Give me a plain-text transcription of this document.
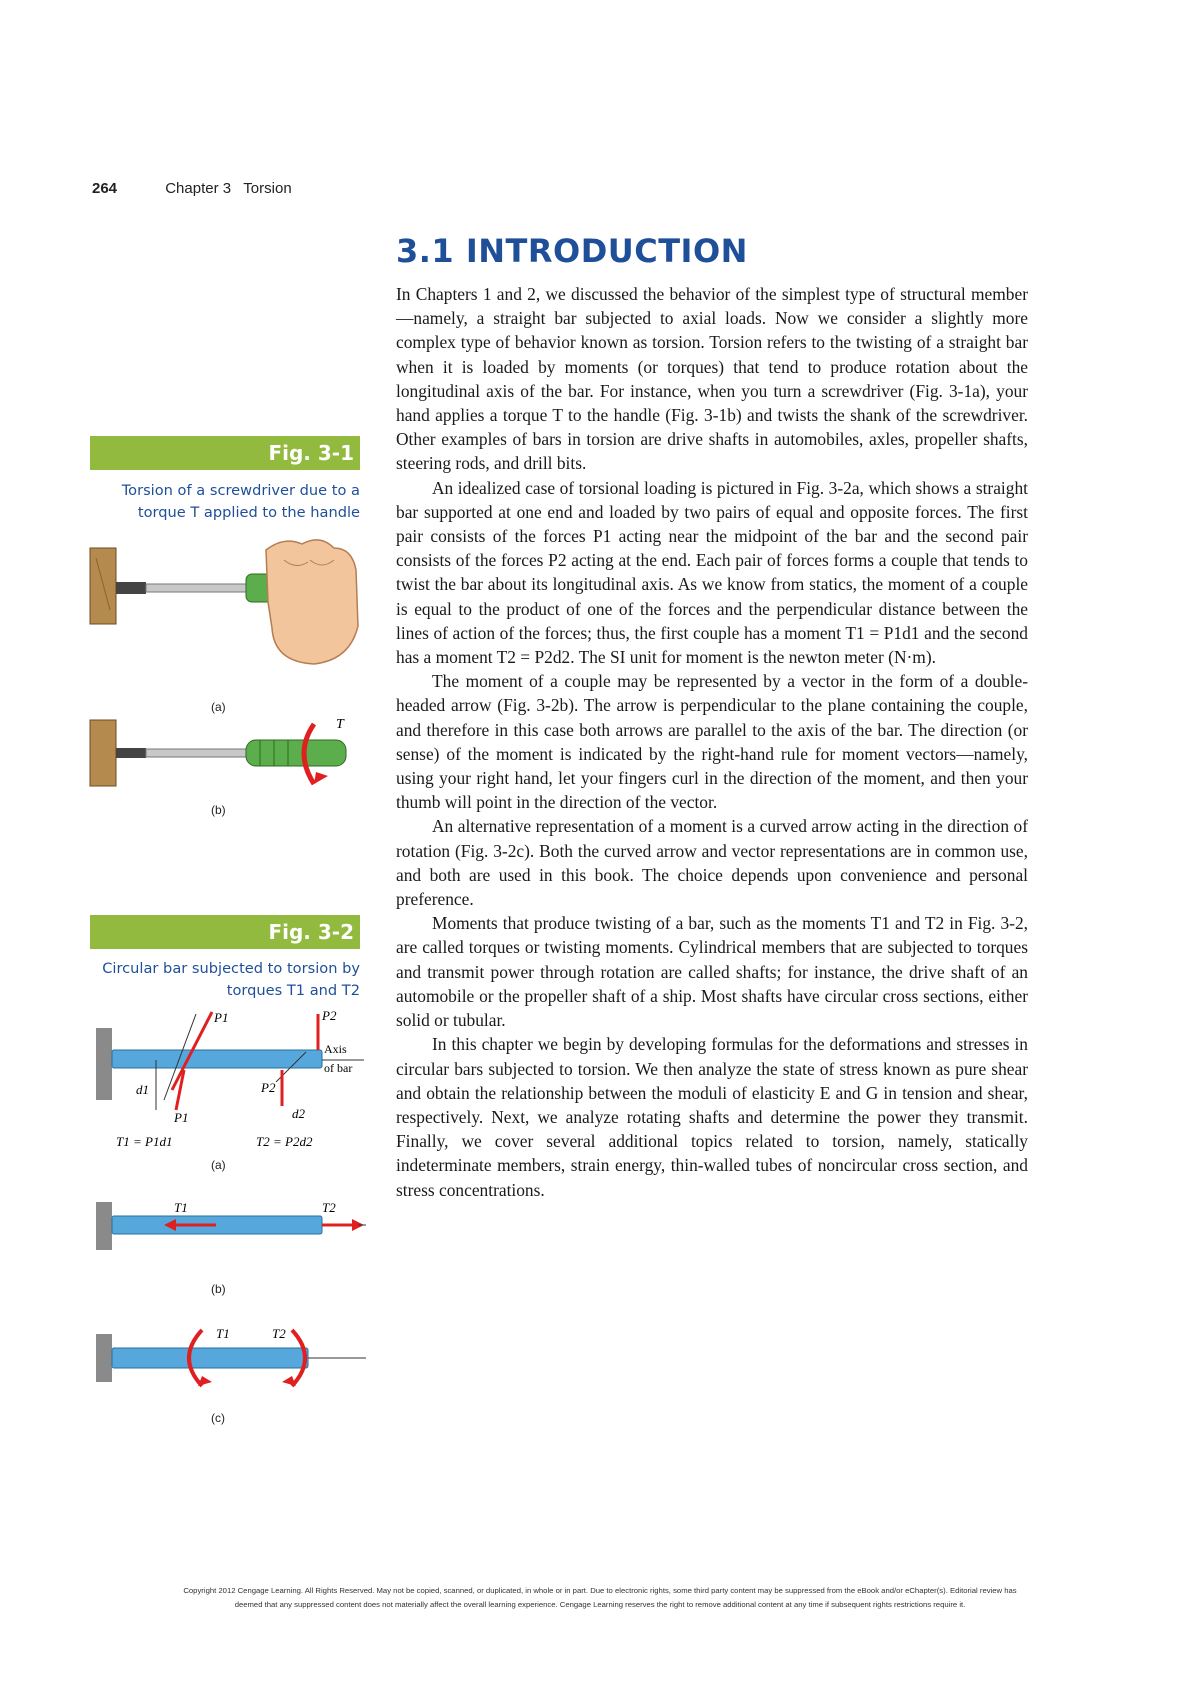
264	Chapter 3   Torsion
3.1 INTRODUCTION

In Chapters 1 and 2, we discussed the behavior of the simplest type of structural member—namely, a straight bar subjected to axial loads. Now we consider a slightly more complex type of behavior known as torsion. Torsion refers to the twisting of a straight bar when it is loaded by moments (or torques) that tend to produce rotation about the longitudinal axis of the bar. For instance, when you turn a screwdriver (Fig. 3-1a), your hand applies a torque T to the handle (Fig. 3-1b) and twists the shank of the screwdriver. Other examples of bars in torsion are drive shafts in automobiles, axles, propeller shafts, steering rods, and drill bits.

An idealized case of torsional loading is pictured in Fig. 3-2a, which shows a straight bar supported at one end and loaded by two pairs of equal and opposite forces. The first pair consists of the forces P1 acting near the midpoint of the bar and the second pair consists of the forces P2 acting at the end. Each pair of forces forms a couple that tends to twist the bar about its longitudinal axis. As we know from statics, the moment of a couple is equal to the product of one of the forces and the perpendicular distance between the lines of action of the forces; thus, the first couple has a moment T1 = P1d1 and the second has a moment T2 = P2d2. The SI unit for moment is the newton meter (N·m).

The moment of a couple may be represented by a vector in the form of a double-headed arrow (Fig. 3-2b). The arrow is perpendicular to the plane containing the couple, and therefore in this case both arrows are parallel to the axis of the bar. The direction (or sense) of the moment is indicated by the right-hand rule for moment vectors—namely, using your right hand, let your fingers curl in the direction of the moment, and then your thumb will point in the direction of the vector.

An alternative representation of a moment is a curved arrow acting in the direction of rotation (Fig. 3-2c). Both the curved arrow and vector representations are in common use, and both are used in this book. The choice depends upon convenience and personal preference.

Moments that produce twisting of a bar, such as the moments T1 and T2 in Fig. 3-2, are called torques or twisting moments. Cylindrical members that are subjected to torques and transmit power through rotation are called shafts; for instance, the drive shaft of an automobile or the propeller shaft of a ship. Most shafts have circular cross sections, either solid or tubular.

In this chapter we begin by developing formulas for the deformations and stresses in circular bars subjected to torsion. We then analyze the state of stress known as pure shear and obtain the relationship between the moduli of elasticity E and G in tension and shear, respectively. Next, we analyze rotating shafts and determine the power they transmit. Finally, we cover several additional topics related to torsion, namely, statically indeterminate members, strain energy, thin-walled tubes of noncircular cross section, and stress concentrations.

Fig. 3-1
Torsion of a screwdriver due to a torque T applied to the handle
(a)
T
(b)
Fig. 3-2
Circular bar subjected to torsion by torques T1 and T2
P1	P2
Axis
of bar
d1	P2
P1	d2
T1 = P1d1	T2 = P2d2
(a)
T1	T2
(b)
T1	T2
(c)
Copyright 2012 Cengage Learning. All Rights Reserved. May not be copied, scanned, or duplicated, in whole or in part. Due to electronic rights, some third party content may be suppressed from the eBook and/or eChapter(s). Editorial review has
deemed that any suppressed content does not materially affect the overall learning experience. Cengage Learning reserves the right to remove additional content at any time if subsequent rights restrictions require it.
